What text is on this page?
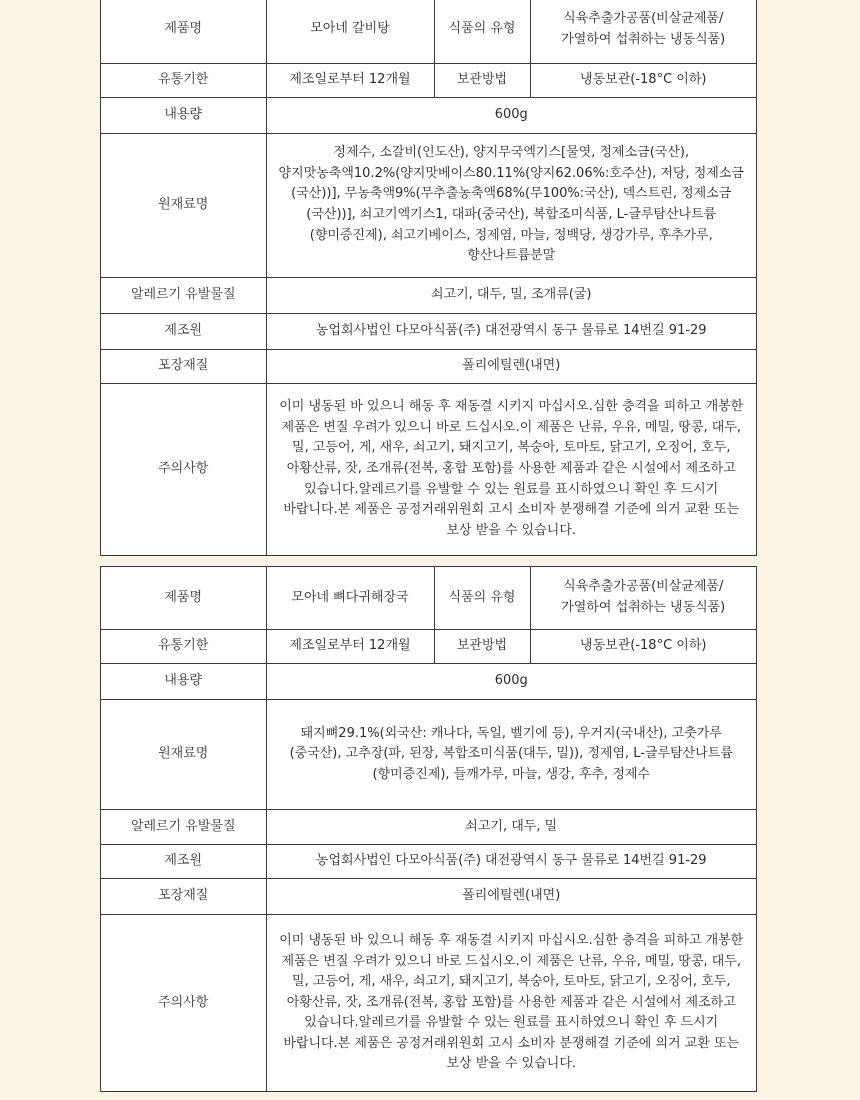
제품명	모아네 갈비탕	식품의 유형	식육추출가공품(비살균제품/가열하여 섭취하는 냉동식품)
유통기한	제조일로부터 12개월	보관방법	냉동보관(-18°C 이하)
내용량	600g		
원재료명	정제수, 소갈비(인도산), 양지무국엑기스[물엿, 정제소금(국산), 양지맛농축액10.2%(양지맛베이스80.11%(양지62.06%:호주산), 저당, 정제소금(국산))], 무농축액9%(무추출농축액68%(무100%:국산), 덱스트린, 정제소금(국산))], 쇠고기엑기스1, 대파(중국산), 복합조미식품, L-글루탐산나트륨(향미증진제), 쇠고기베이스, 정제염, 마늘, 정백당, 생강가루, 후추가루, 향산나트륨분말		
알레르기 유발물질	쇠고기, 대두, 밀, 조개류(굴)		
제조원	농업회사법인 다모아식품(주) 대전광역시 동구 물류로 14번길 91-29		
포장재질	폴리에틸렌(내면)		
주의사항	이미 냉동된 바 있으니 해동 후 재동결 시키지 마십시오.심한 충격을 피하고 개봉한 제품은 변질 우려가 있으니 바로 드십시오.이 제품은 난류, 우유, 메밀, 땅콩, 대두, 밀, 고등어, 게, 새우, 쇠고기, 돼지고기, 복숭아, 토마토, 닭고기, 오징어, 호두, 아황산류, 잣, 조개류(전복, 홍합 포함)를 사용한 제품과 같은 시설에서 제조하고 있습니다.알레르기를 유발할 수 있는 원료를 표시하였으니 확인 후 드시기 바랍니다.본 제품은 공정거래위원회 고시 소비자 분쟁해결 기준에 의거 교환 또는 보상 받을 수 있습니다.		
제품명	모아네 뼈다귀해장국	식품의 유형	식육추출가공품(비살균제품/가열하여 섭취하는 냉동식품)
유통기한	제조일로부터 12개월	보관방법	냉동보관(-18°C 이하)
내용량	600g		
원재료명	돼지뼈29.1%(외국산: 캐나다, 독일, 벨기에 등), 우거지(국내산), 고춧가루(중국산), 고추장(파, 된장, 복합조미식품(대두, 밀)), 정제염, L-글루탐산나트륨(향미증진제), 들깨가루, 마늘, 생강, 후추, 정제수		
알레르기 유발물질	쇠고기, 대두, 밀		
제조원	농업회사법인 다모아식품(주) 대전광역시 동구 물류로 14번길 91-29		
포장재질	폴리에틸렌(내면)		
주의사항	이미 냉동된 바 있으니 해동 후 재동결 시키지 마십시오.심한 충격을 피하고 개봉한 제품은 변질 우려가 있으니 바로 드십시오.이 제품은 난류, 우유, 메밀, 땅콩, 대두, 밀, 고등어, 게, 새우, 쇠고기, 돼지고기, 복숭아, 토마토, 닭고기, 오징어, 호두, 아황산류, 잣, 조개류(전복, 홍합 포함)를 사용한 제품과 같은 시설에서 제조하고 있습니다.알레르기를 유발할 수 있는 원료를 표시하였으니 확인 후 드시기 바랍니다.본 제품은 공정거래위원회 고시 소비자 분쟁해결 기준에 의거 교환 또는 보상 받을 수 있습니다.		
